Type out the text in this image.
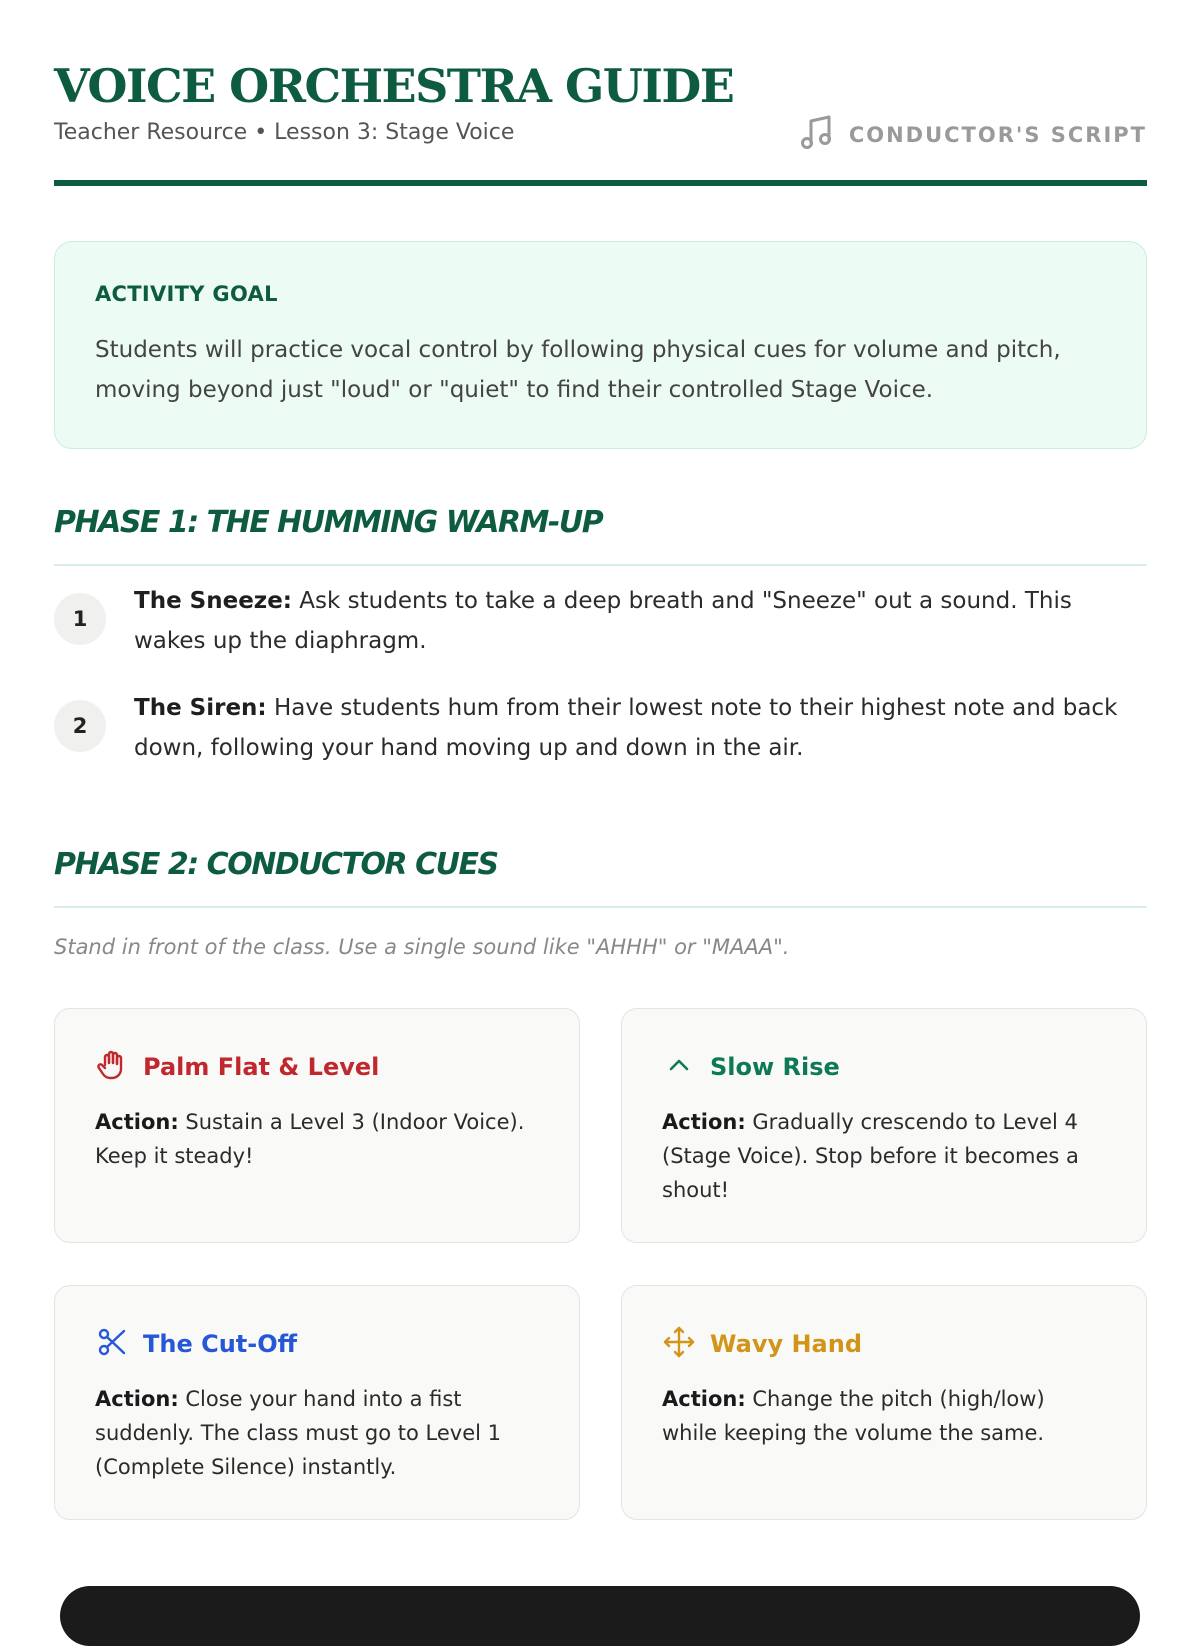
VOICE ORCHESTRA GUIDE
Teacher Resource • Lesson 3: Stage Voice	CONDUCTOR'S SCRIPT
ACTIVITY GOAL
Students will practice vocal control by following physical cues for volume and pitch, moving beyond just "loud" or "quiet" to find their controlled Stage Voice.
PHASE 1: THE HUMMING WARM-UP
1
The Sneeze: Ask students to take a deep breath and "Sneeze" out a sound. This wakes up the diaphragm.
2
The Siren: Have students hum from their lowest note to their highest note and back down, following your hand moving up and down in the air.
PHASE 2: CONDUCTOR CUES
Stand in front of the class. Use a single sound like "AHHH" or "MAAA".
Palm Flat & Level
Action: Sustain a Level 3 (Indoor Voice). Keep it steady!
Slow Rise
Action: Gradually crescendo to Level 4 (Stage Voice). Stop before it becomes a shout!
The Cut-Off
Action: Close your hand into a fist suddenly. The class must go to Level 1 (Complete Silence) instantly.
Wavy Hand
Action: Change the pitch (high/low) while keeping the volume the same.
